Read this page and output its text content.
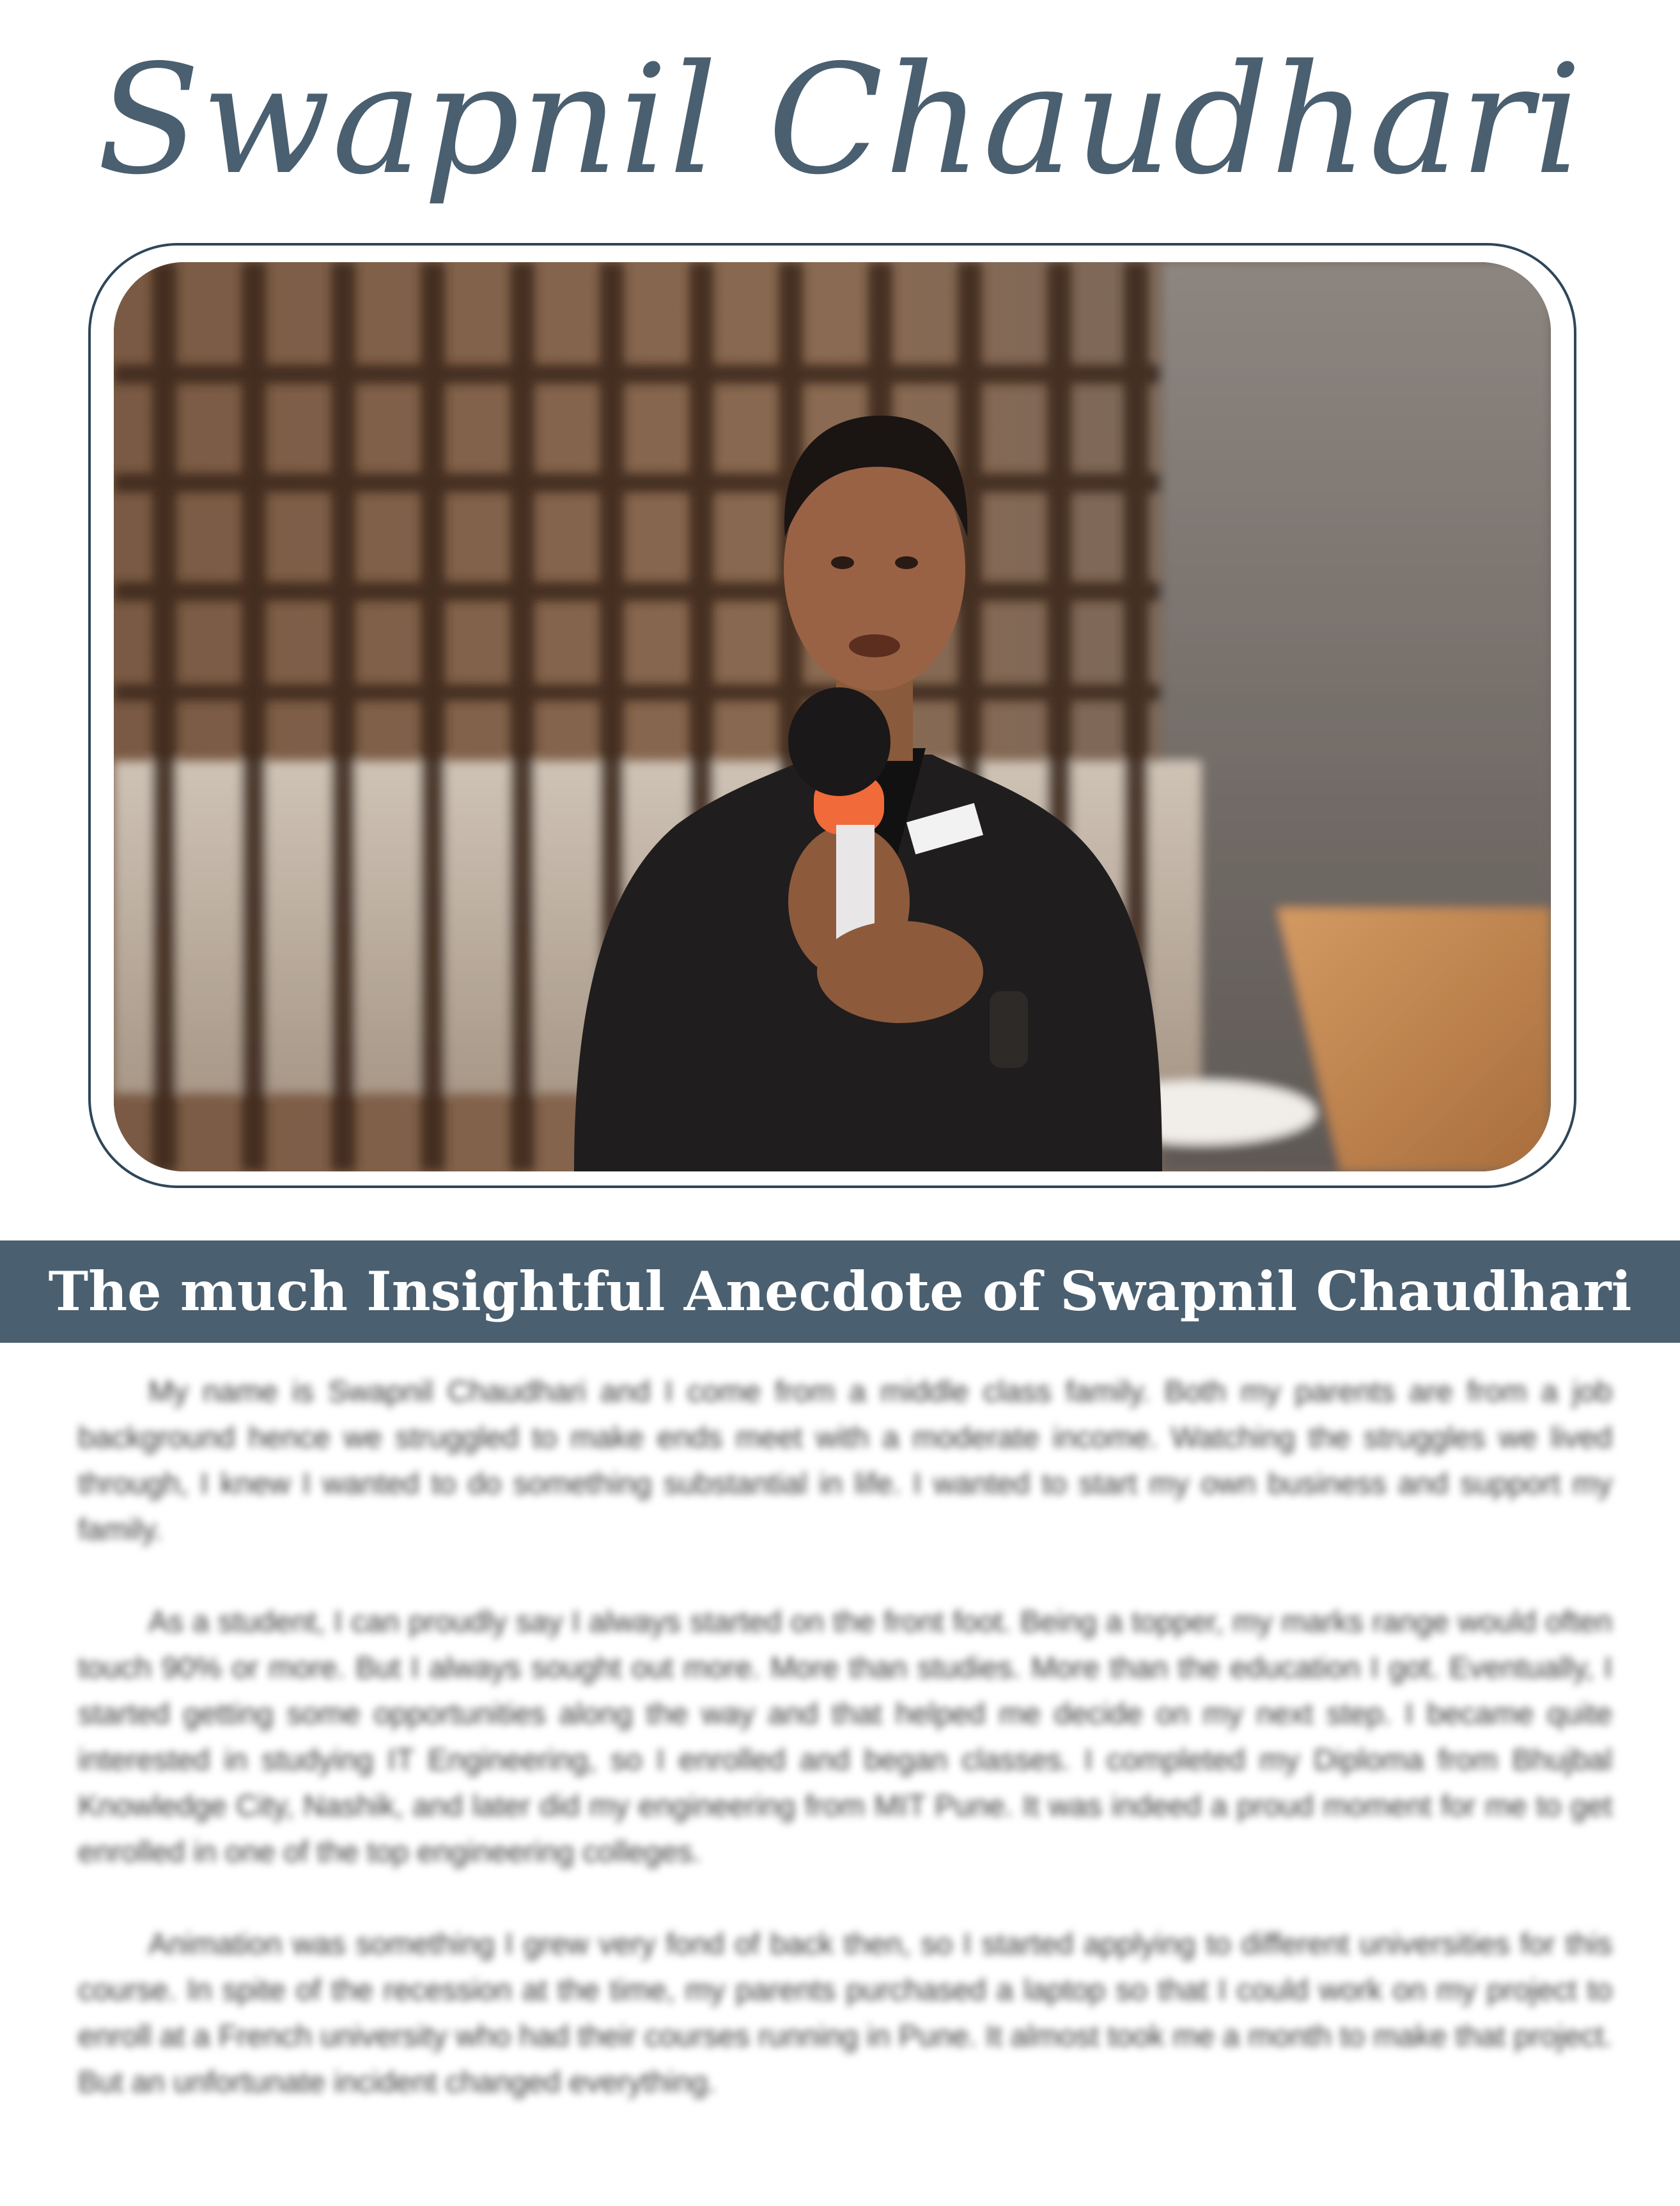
Swapnil Chaudhari
The much Insightful Anecdote of Swapnil Chaudhari

My name is Swapnil Chaudhari and I come from a middle class family. Both my parents are from a job background hence we struggled to make ends meet with a moderate income. Watching the struggles we lived through, I knew I wanted to do something substantial in life. I wanted to start my own business and support my family.

As a student, I can proudly say I always started on the front foot. Being a topper, my marks range would often touch 90% or more. But I always sought out more. More than studies. More than the education I got. Eventually, I started getting some opportunities along the way and that helped me decide on my next step. I became quite interested in studying IT Engineering, so I enrolled and began classes. I completed my Diploma from Bhujbal Knowledge City, Nashik, and later did my engineering from MIT Pune. It was indeed a proud moment for me to get enrolled in one of the top engineering colleges.

Animation was something I grew very fond of back then, so I started applying to different universities for this course. In spite of the recession at the time, my parents purchased a laptop so that I could work on my project to enroll at a French university who had their courses running in Pune. It almost took me a month to make that project. But an unfortunate incident changed everything.
